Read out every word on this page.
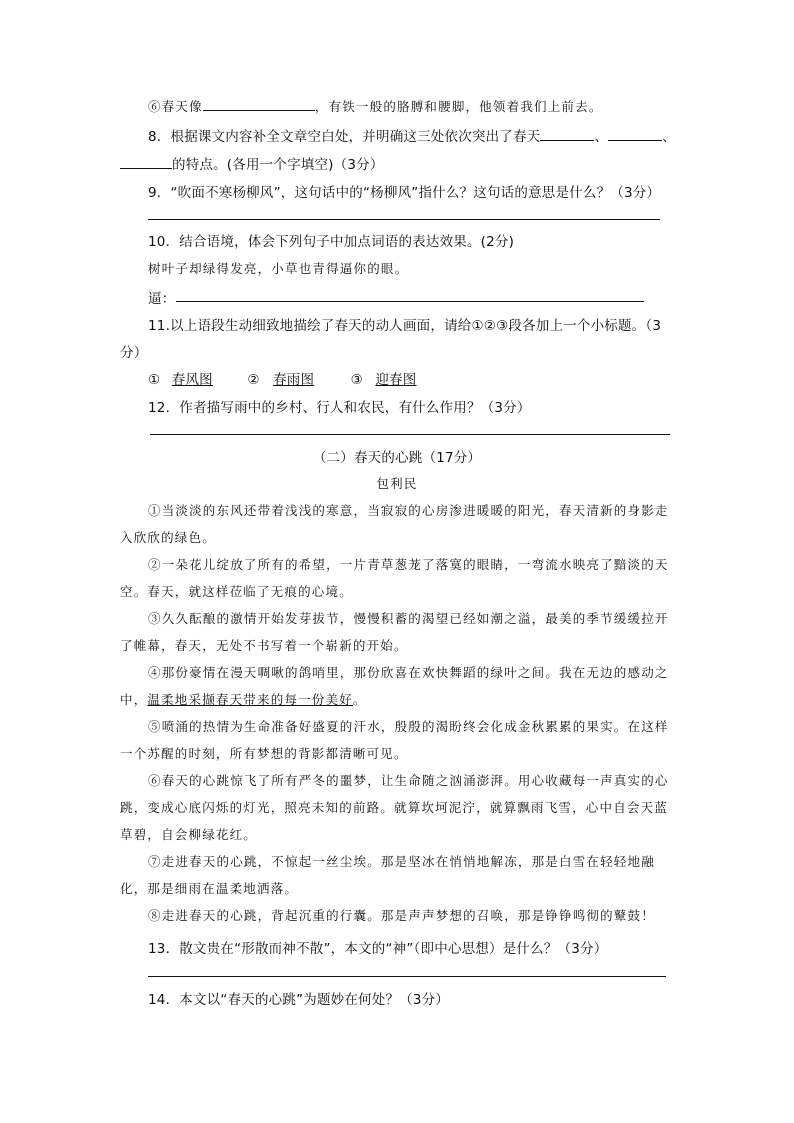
⑥春天像	，有铁一般的胳膊和腰脚，他领着我们上前去。
8．根据课文内容补全文章空白处，并明确这三处依次突出了春天	、	、
的特点。(各用一个字填空)（3分）
9．“吹面不寒杨柳风”，这句话中的“杨柳风”指什么？这句话的意思是什么？（3分）
10．结合语境，体会下列句子中加点词语的表达效果。(2分)
树叶子却绿得发亮，小草也青得逼你的眼。
逼：
11.以上语段生动细致地描绘了春天的动人画面，请给①②③段各加上一个小标题。（3
分）
① 春风图	② 春雨图	③ 迎春图
12．作者描写雨中的乡村、行人和农民，有什么作用？（3分）
（二）春天的心跳（17分）
包利民
①当淡淡的东风还带着浅浅的寒意，当寂寂的心房渗进暖暖的阳光，春天清新的身影走入欣欣的绿色。
②一朵花儿绽放了所有的希望，一片青草葱茏了落寞的眼睛，一弯流水映亮了黯淡的天空。春天，就这样莅临了无痕的心境。
③久久酝酿的激情开始发芽拔节，慢慢积蓄的渴望已经如潮之溢，最美的季节缓缓拉开了帷幕，春天，无处不书写着一个崭新的开始。
④那份豪情在漫天啁啾的鸽哨里，那份欣喜在欢快舞蹈的绿叶之间。我在无边的感动之中，温柔地采撷春天带来的每一份美好。
⑤喷涌的热情为生命准备好盛夏的汗水，殷殷的渴盼终会化成金秋累累的果实。在这样一个苏醒的时刻，所有梦想的背影都清晰可见。
⑥春天的心跳惊飞了所有严冬的噩梦，让生命随之汹涌澎湃。用心收藏每一声真实的心跳，变成心底闪烁的灯光，照亮未知的前路。就算坎坷泥泞，就算飘雨飞雪，心中自会天蓝草碧，自会柳绿花红。
⑦走进春天的心跳，不惊起一丝尘埃。那是坚冰在悄悄地解冻，那是白雪在轻轻地融化，那是细雨在温柔地洒落。
⑧走进春天的心跳，背起沉重的行囊。那是声声梦想的召唤，那是铮铮鸣彻的鼙鼓！
13．散文贵在“形散而神不散”，本文的“神”（即中心思想）是什么？（3分）
14．本文以“春天的心跳”为题妙在何处？（3分）
